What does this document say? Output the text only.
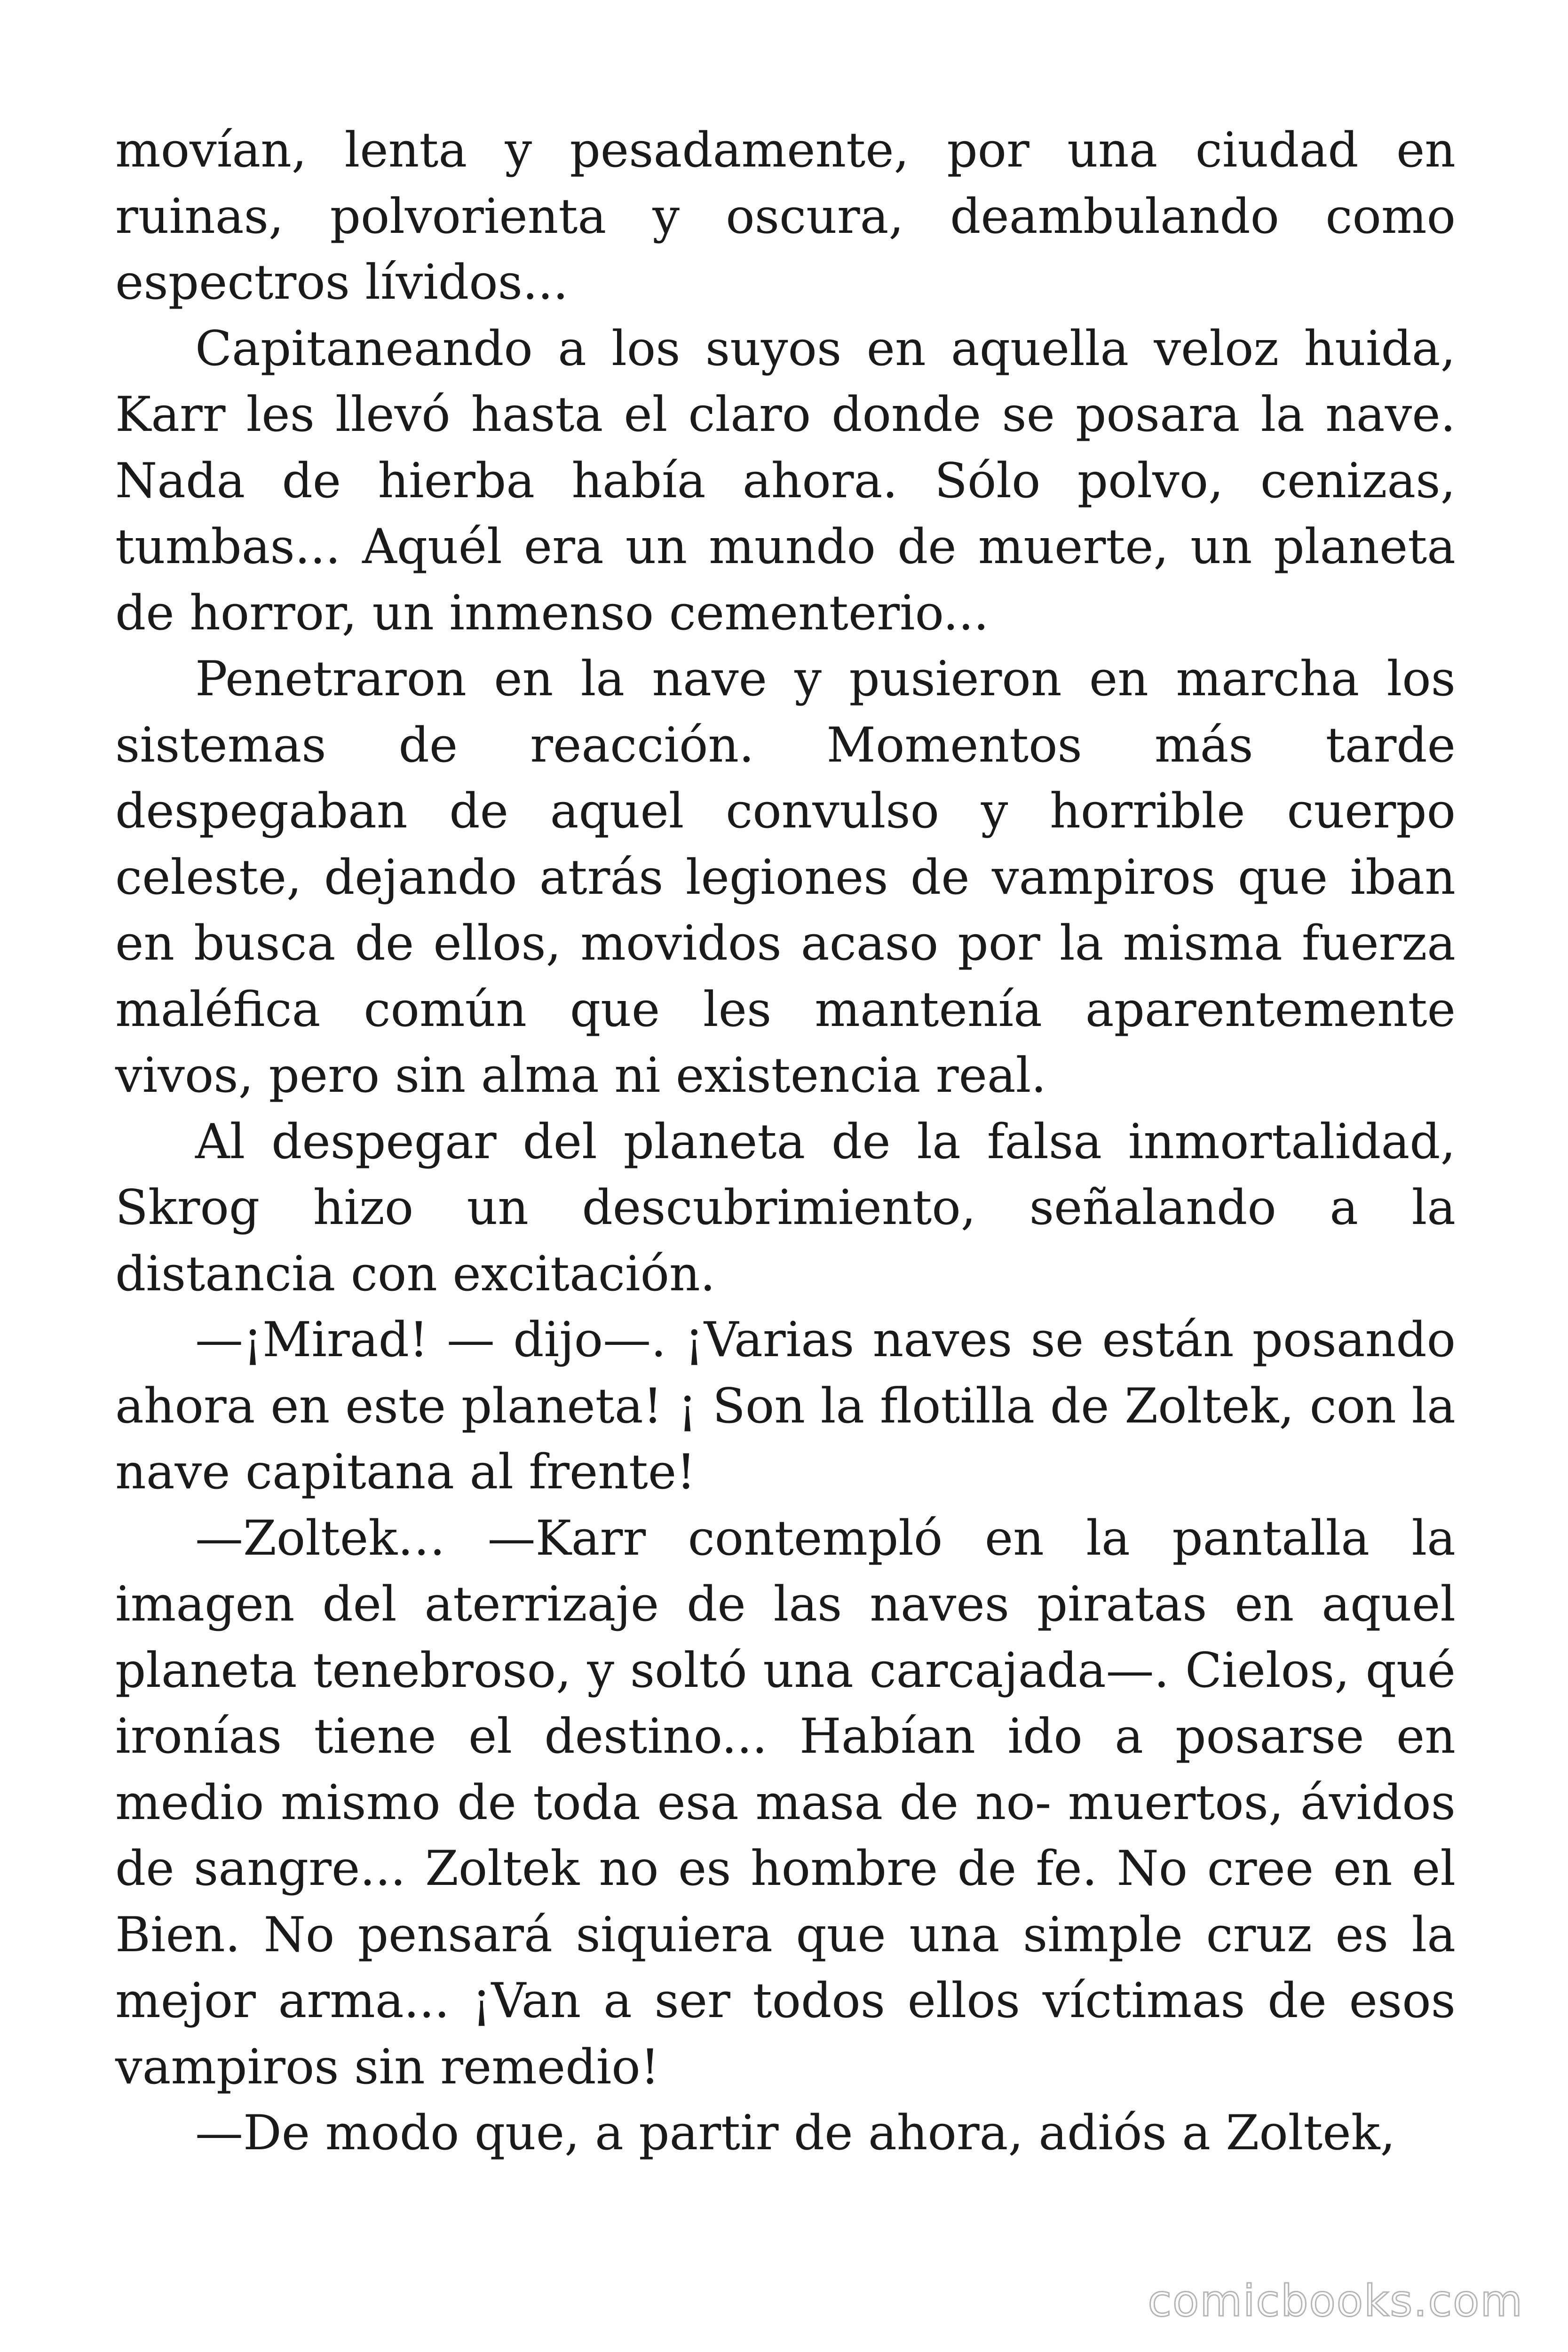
movían, lenta y pesadamente, por una ciudad en ruinas, polvorienta y oscura, deambulando como espectros lívidos...

Capitaneando a los suyos en aquella veloz huida, Karr les llevó hasta el claro donde se posara la nave. Nada de hierba había ahora. Sólo polvo, cenizas, tumbas... Aquél era un mundo de muerte, un planeta de horror, un inmenso cementerio...

Penetraron en la nave y pusieron en marcha los sistemas de reacción. Momentos más tarde despegaban de aquel convulso y horrible cuerpo celeste, dejando atrás legiones de vampiros que iban en busca de ellos, movidos acaso por la misma fuerza maléfica común que les mantenía aparentemente vivos, pero sin alma ni existencia real.

Al despegar del planeta de la falsa inmortalidad, Skrog hizo un descubrimiento, señalando a la distancia con excitación.

—¡Mirad! — dijo—. ¡Varias naves se están posando ahora en este planeta! ¡ Son la flotilla de Zoltek, con la nave capitana al frente!

—Zoltek… —Karr contempló en la pantalla la imagen del aterrizaje de las naves piratas en aquel planeta tenebroso, y soltó una carcajada—. Cielos, qué ironías tiene el destino... Habían ido a posarse en medio mismo de toda esa masa de no- muertos, ávidos de sangre... Zoltek no es hombre de fe. No cree en el Bien. No pensará siquiera que una simple cruz es la mejor arma... ¡Van a ser todos ellos víctimas de esos vampiros sin remedio!

—De modo que, a partir de ahora, adiós a Zoltek,

comicbooks.com
